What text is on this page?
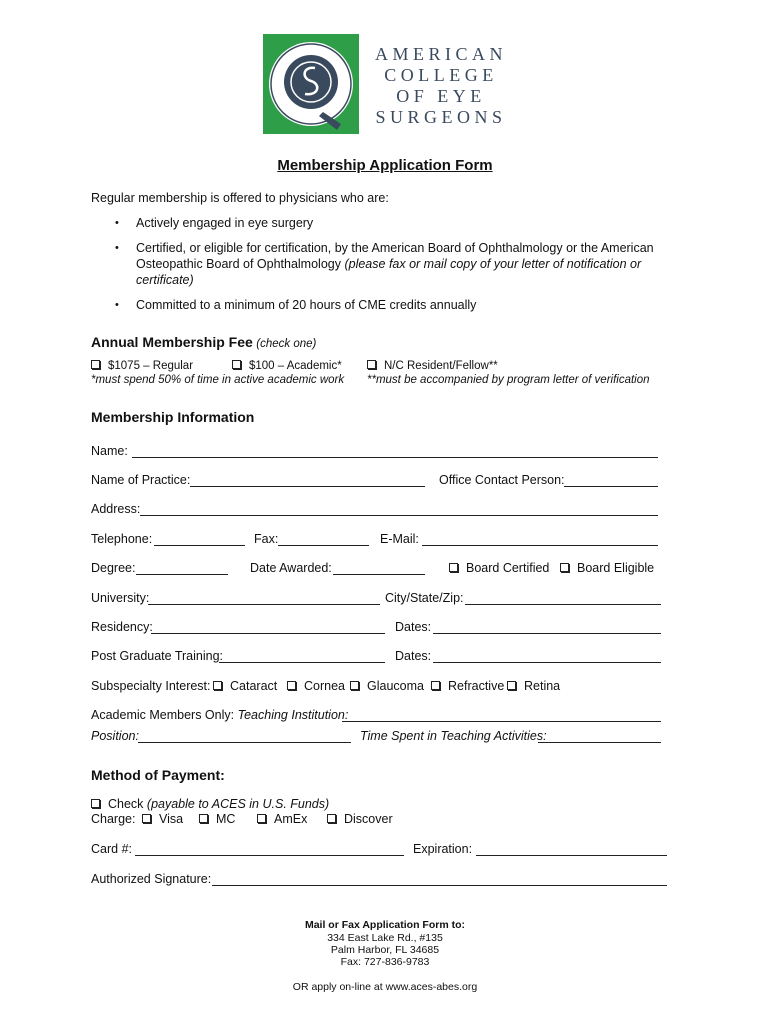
AMERICAN
COLLEGE
OF EYE
SURGEONS
Membership Application Form
Regular membership is offered to physicians who are:
• Actively engaged in eye surgery
• Certified, or eligible for certification, by the American Board of Ophthalmology or the American
Osteopathic Board of Ophthalmology (please fax or mail copy of your letter of notification or
certificate)
• Committed to a minimum of 20 hours of CME credits annually
Annual Membership Fee (check one)
$1075 – Regular	$100 – Academic*	N/C Resident/Fellow**
*must spend 50% of time in active academic work **must be accompanied by program letter of verification
Membership Information
Name:
Name of Practice:	Office Contact Person:
Address:
Telephone:	Fax:	E-Mail:
Degree:	Date Awarded:	Board Certified	Board Eligible
University:	City/State/Zip:
Residency:	Dates:
Post Graduate Training:	Dates:
Subspecialty Interest:	Cataract	Cornea	Glaucoma	Refractive	Retina
Academic Members Only: Teaching Institution:
Position:	Time Spent in Teaching Activities:
Method of Payment:
Check (payable to ACES in U.S. Funds)
Charge:	Visa	MC	AmEx	Discover
Card #:	Expiration:
Authorized Signature:
Mail or Fax Application Form to:
334 East Lake Rd., #135
Palm Harbor, FL 34685
Fax: 727-836-9783
OR apply on-line at www.aces-abes.org
